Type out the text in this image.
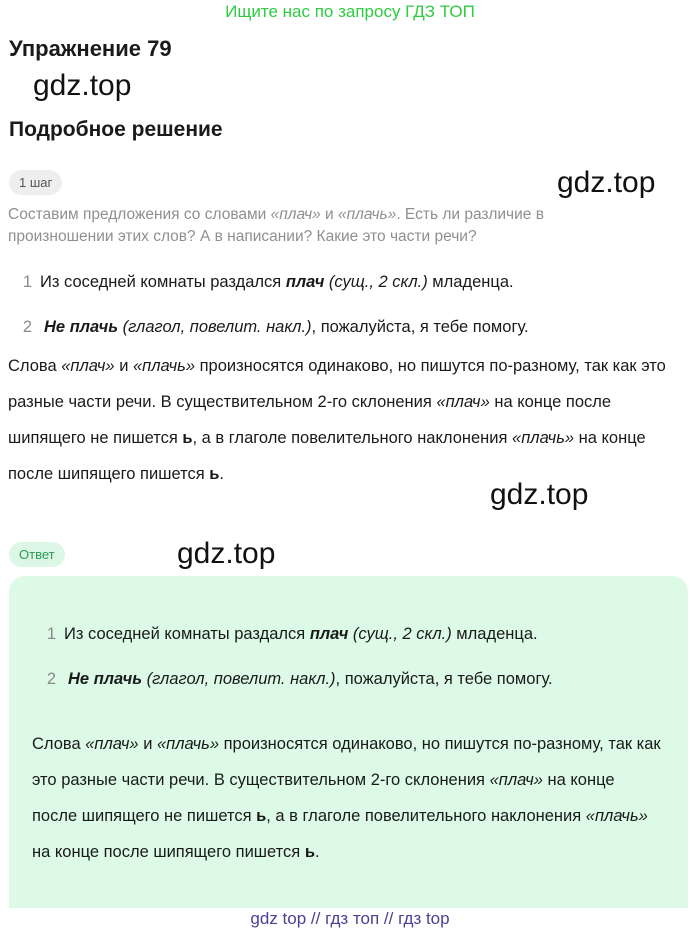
Ищите нас по запросу ГДЗ ТОП
Упражнение 79
gdz.top
Подробное решение
1 шаг	gdz.top
Составим предложения со словами «плач» и «плачь». Есть ли различие в произношении этих слов? А в написании? Какие это части речи?
1 Из соседней комнаты раздался плач (сущ., 2 скл.) младенца.
2 Не плачь (глагол, повелит. накл.), пожалуйста, я тебе помогу.
Слова «плач» и «плачь» произносятся одинаково, но пишутся по-разному, так как это разные части речи. В существительном 2-го склонения «плач» на конце после шипящего не пишется ь, а в глаголе повелительного наклонения «плачь» на конце после шипящего пишется ь.
gdz.top
Ответ	gdz.top
1 Из соседней комнаты раздался плач (сущ., 2 скл.) младенца.
2 Не плачь (глагол, повелит. накл.), пожалуйста, я тебе помогу.
Слова «плач» и «плачь» произносятся одинаково, но пишутся по-разному, так как это разные части речи. В существительном 2-го склонения «плач» на конце после шипящего не пишется ь, а в глаголе повелительного наклонения «плачь» на конце после шипящего пишется ь.
gdz top // гдз топ // гдз top
